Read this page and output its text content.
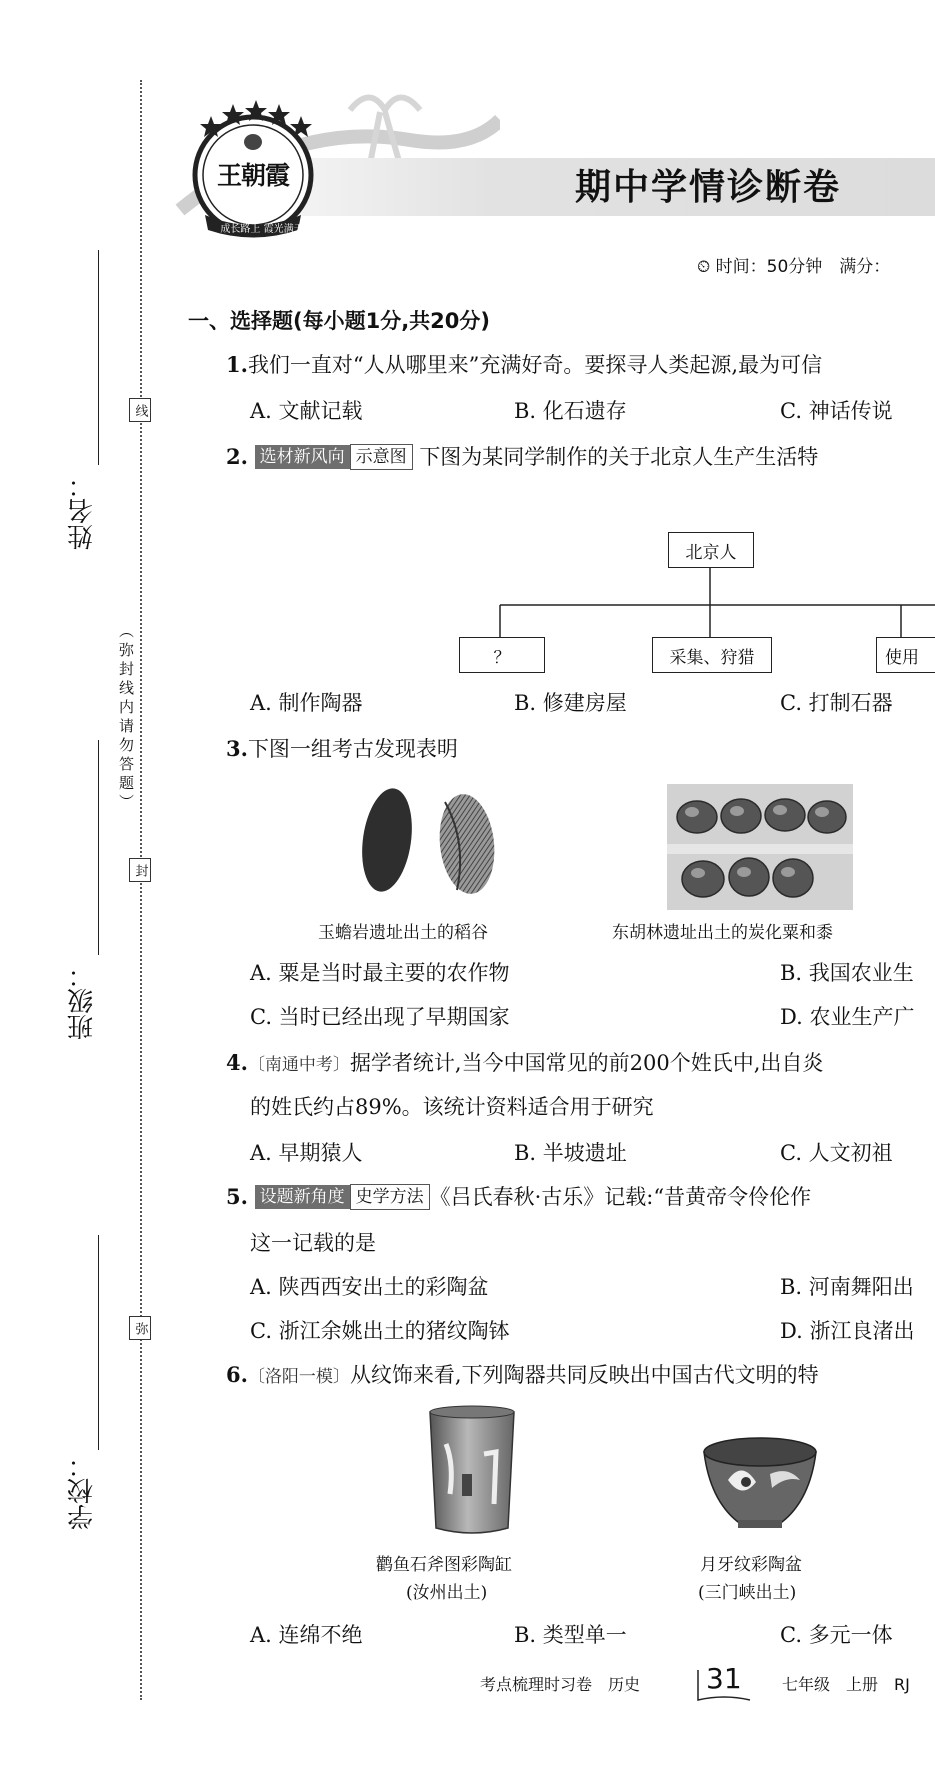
姓名：
班级：
学校：
（弥封线内请勿答题）
线
封
弥
王朝霞
成长路上 霞光满天
期中学情诊断卷
⏲ 时间：50分钟　满分：
一、选择题(每小题1分,共20分)
1.我们一直对“人从哪里来”充满好奇。要探寻人类起源,最为可信
A. 文献记载	B. 化石遗存	C. 神话传说
2. 选材新风向 示意图 下图为某同学制作的关于北京人生产生活特
北京人
？	采集、狩猎	使用
A. 制作陶器	B. 修建房屋	C. 打制石器
3.下图一组考古发现表明
玉蟾岩遗址出土的稻谷	东胡林遗址出土的炭化粟和黍
A. 粟是当时最主要的农作物	B. 我国农业生
C. 当时已经出现了早期国家	D. 农业生产广
4.〔南通中考〕据学者统计,当今中国常见的前200个姓氏中,出自炎
的姓氏约占89%。该统计资料适合用于研究
A. 早期猿人	B. 半坡遗址	C. 人文初祖
5. 设题新角度 史学方法 《吕氏春秋·古乐》记载:“昔黄帝令伶伦作
这一记载的是
A. 陕西西安出土的彩陶盆	B. 河南舞阳出
C. 浙江余姚出土的猪纹陶钵	D. 浙江良渚出
6.〔洛阳一模〕从纹饰来看,下列陶器共同反映出中国古代文明的特
鹳鱼石斧图彩陶缸
(汝州出土)
月牙纹彩陶盆
(三门峡出土)
A. 连绵不绝	B. 类型单一	C. 多元一体
考点梳理时习卷　历史 31	七年级　上册　RJ
